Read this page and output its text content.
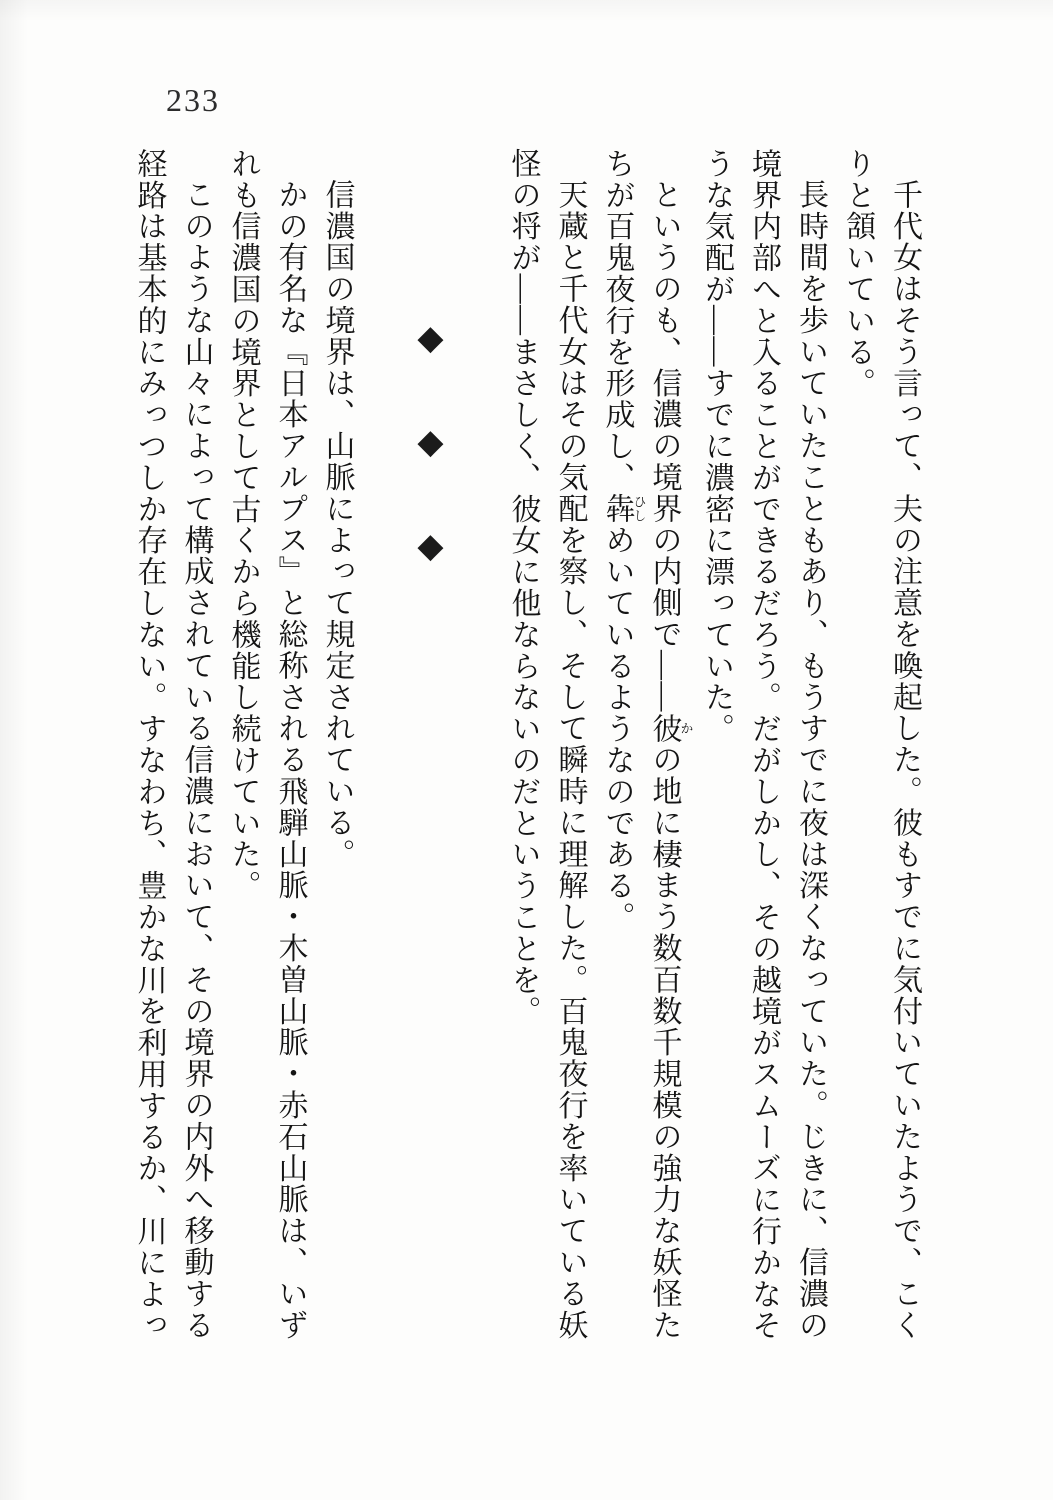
233

千代女はそう言って、夫の注意を喚起した。彼もすでに気付いていたようで、こくりと頷いている。

長時間を歩いていたこともあり、もうすでに夜は深くなっていた。じきに、信濃の境界内部へと入ることができるだろう。だがしかし、その越境がスムーズに行かなそうな気配が——すでに濃密に漂っていた。

というのも、信濃の境界の内側で——彼かの地に棲まう数百数千規模の強力な妖怪たちが百鬼夜行を形成し、犇ひしめいているようなのである。

天蔵と千代女はその気配を察し、そして瞬時に理解した。百鬼夜行を率いている妖怪の将が——まさしく、彼女に他ならないのだということを。

◆◆◆

信濃国の境界は、山脈によって規定されている。

かの有名な『日本アルプス』と総称される飛騨山脈・木曽山脈・赤石山脈は、いずれも信濃国の境界として古くから機能し続けていた。

このような山々によって構成されている信濃において、その境界の内外へ移動する経路は基本的にみっつしか存在しない。すなわち、豊かな川を利用するか、川によっ
